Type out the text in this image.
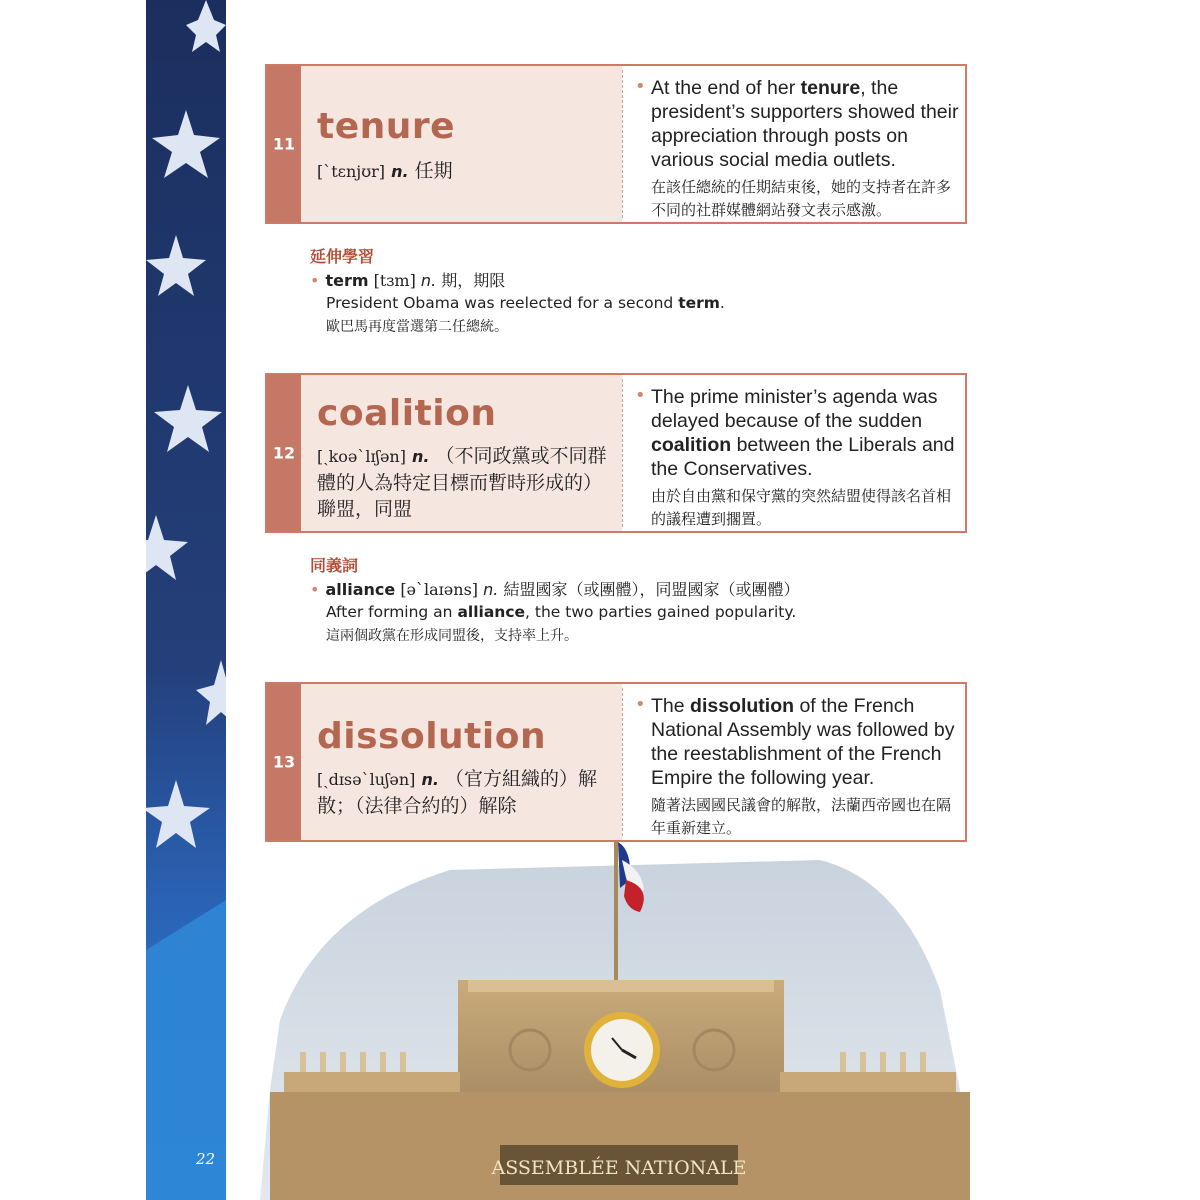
22
11 tenure
[ˋtɛnjʊr] n. 任期
• At the end of her tenure, the president’s supporters showed their appreciation through posts on various social media outlets.
在該任總統的任期結束後，她的支持者在許多不同的社群媒體網站發文表示感激。
延伸學習
• term [tɜm] n. 期，期限
President Obama was reelected for a second term.
歐巴馬再度當選第二任總統。
12
coalition
[ˏkoəˋlɪʃən] n. （不同政黨或不同群體的人為特定目標而暫時形成的）聯盟，同盟
• The prime minister’s agenda was delayed because of the sudden coalition between the Liberals and the Conservatives.
由於自由黨和保守黨的突然結盟使得該名首相的議程遭到擱置。
同義詞
• alliance [əˋlaɪəns] n. 結盟國家（或團體），同盟國家（或團體）
After forming an alliance, the two parties gained popularity.
這兩個政黨在形成同盟後，支持率上升。
ASSEMBLÉE NATIONALE
13
dissolution
[ˏdɪsəˋluʃən] n. （官方組織的）解散；（法律合約的）解除
• The dissolution of the French National Assembly was followed by the reestablishment of the French Empire the following year.
隨著法國國民議會的解散，法蘭西帝國也在隔年重新建立。
